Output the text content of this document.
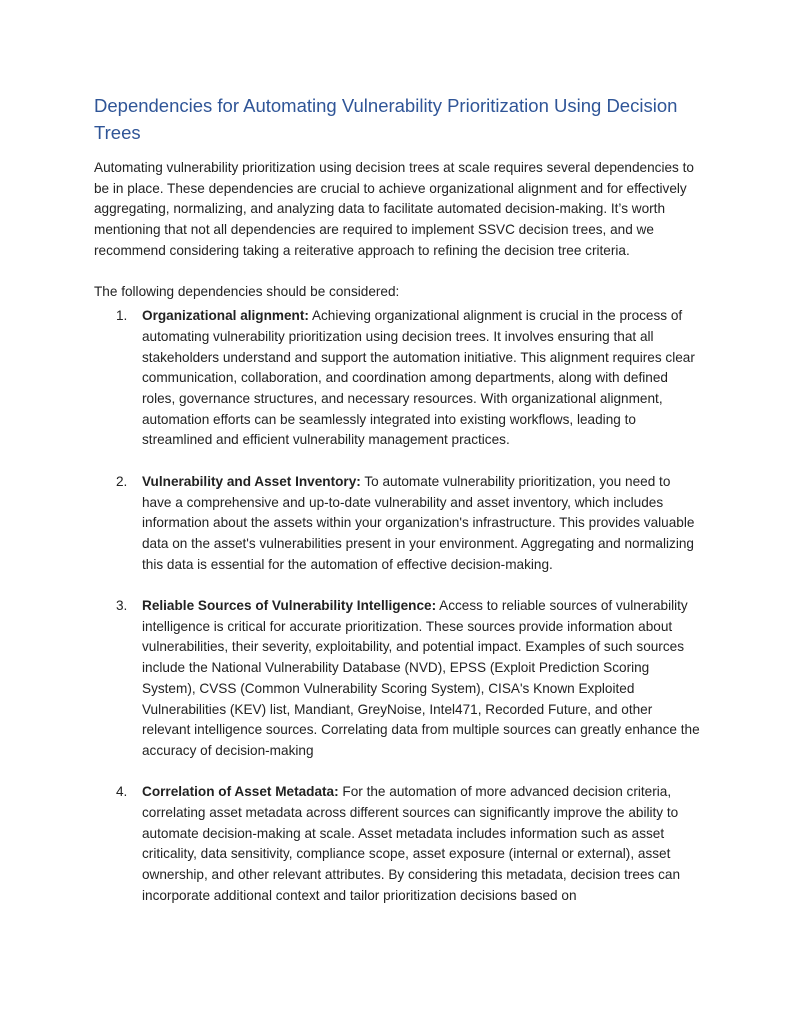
Dependencies for Automating Vulnerability Prioritization Using Decision Trees

Automating vulnerability prioritization using decision trees at scale requires several dependencies to be in place. These dependencies are crucial to achieve organizational alignment and for effectively aggregating, normalizing, and analyzing data to facilitate automated decision-making. It’s worth mentioning that not all dependencies are required to implement SSVC decision trees, and we recommend considering taking a reiterative approach to refining the decision tree criteria.

The following dependencies should be considered:

1. Organizational alignment: Achieving organizational alignment is crucial in the process of automating vulnerability prioritization using decision trees. It involves ensuring that all stakeholders understand and support the automation initiative. This alignment requires clear communication, collaboration, and coordination among departments, along with defined roles, governance structures, and necessary resources. With organizational alignment, automation efforts can be seamlessly integrated into existing workflows, leading to streamlined and efficient vulnerability management practices.
2. Vulnerability and Asset Inventory: To automate vulnerability prioritization, you need to have a comprehensive and up-to-date vulnerability and asset inventory, which includes information about the assets within your organization's infrastructure. This provides valuable data on the asset's vulnerabilities present in your environment. Aggregating and normalizing this data is essential for the automation of effective decision-making.
3. Reliable Sources of Vulnerability Intelligence: Access to reliable sources of vulnerability intelligence is critical for accurate prioritization. These sources provide information about vulnerabilities, their severity, exploitability, and potential impact. Examples of such sources include the National Vulnerability Database (NVD), EPSS (Exploit Prediction Scoring System), CVSS (Common Vulnerability Scoring System), CISA's Known Exploited Vulnerabilities (KEV) list, Mandiant, GreyNoise, Intel471, Recorded Future, and other relevant intelligence sources. Correlating data from multiple sources can greatly enhance the accuracy of decision-making
4. Correlation of Asset Metadata: For the automation of more advanced decision criteria, correlating asset metadata across different sources can significantly improve the ability to automate decision-making at scale. Asset metadata includes information such as asset criticality, data sensitivity, compliance scope, asset exposure (internal or external), asset ownership, and other relevant attributes. By considering this metadata, decision trees can incorporate additional context and tailor prioritization decisions based on
